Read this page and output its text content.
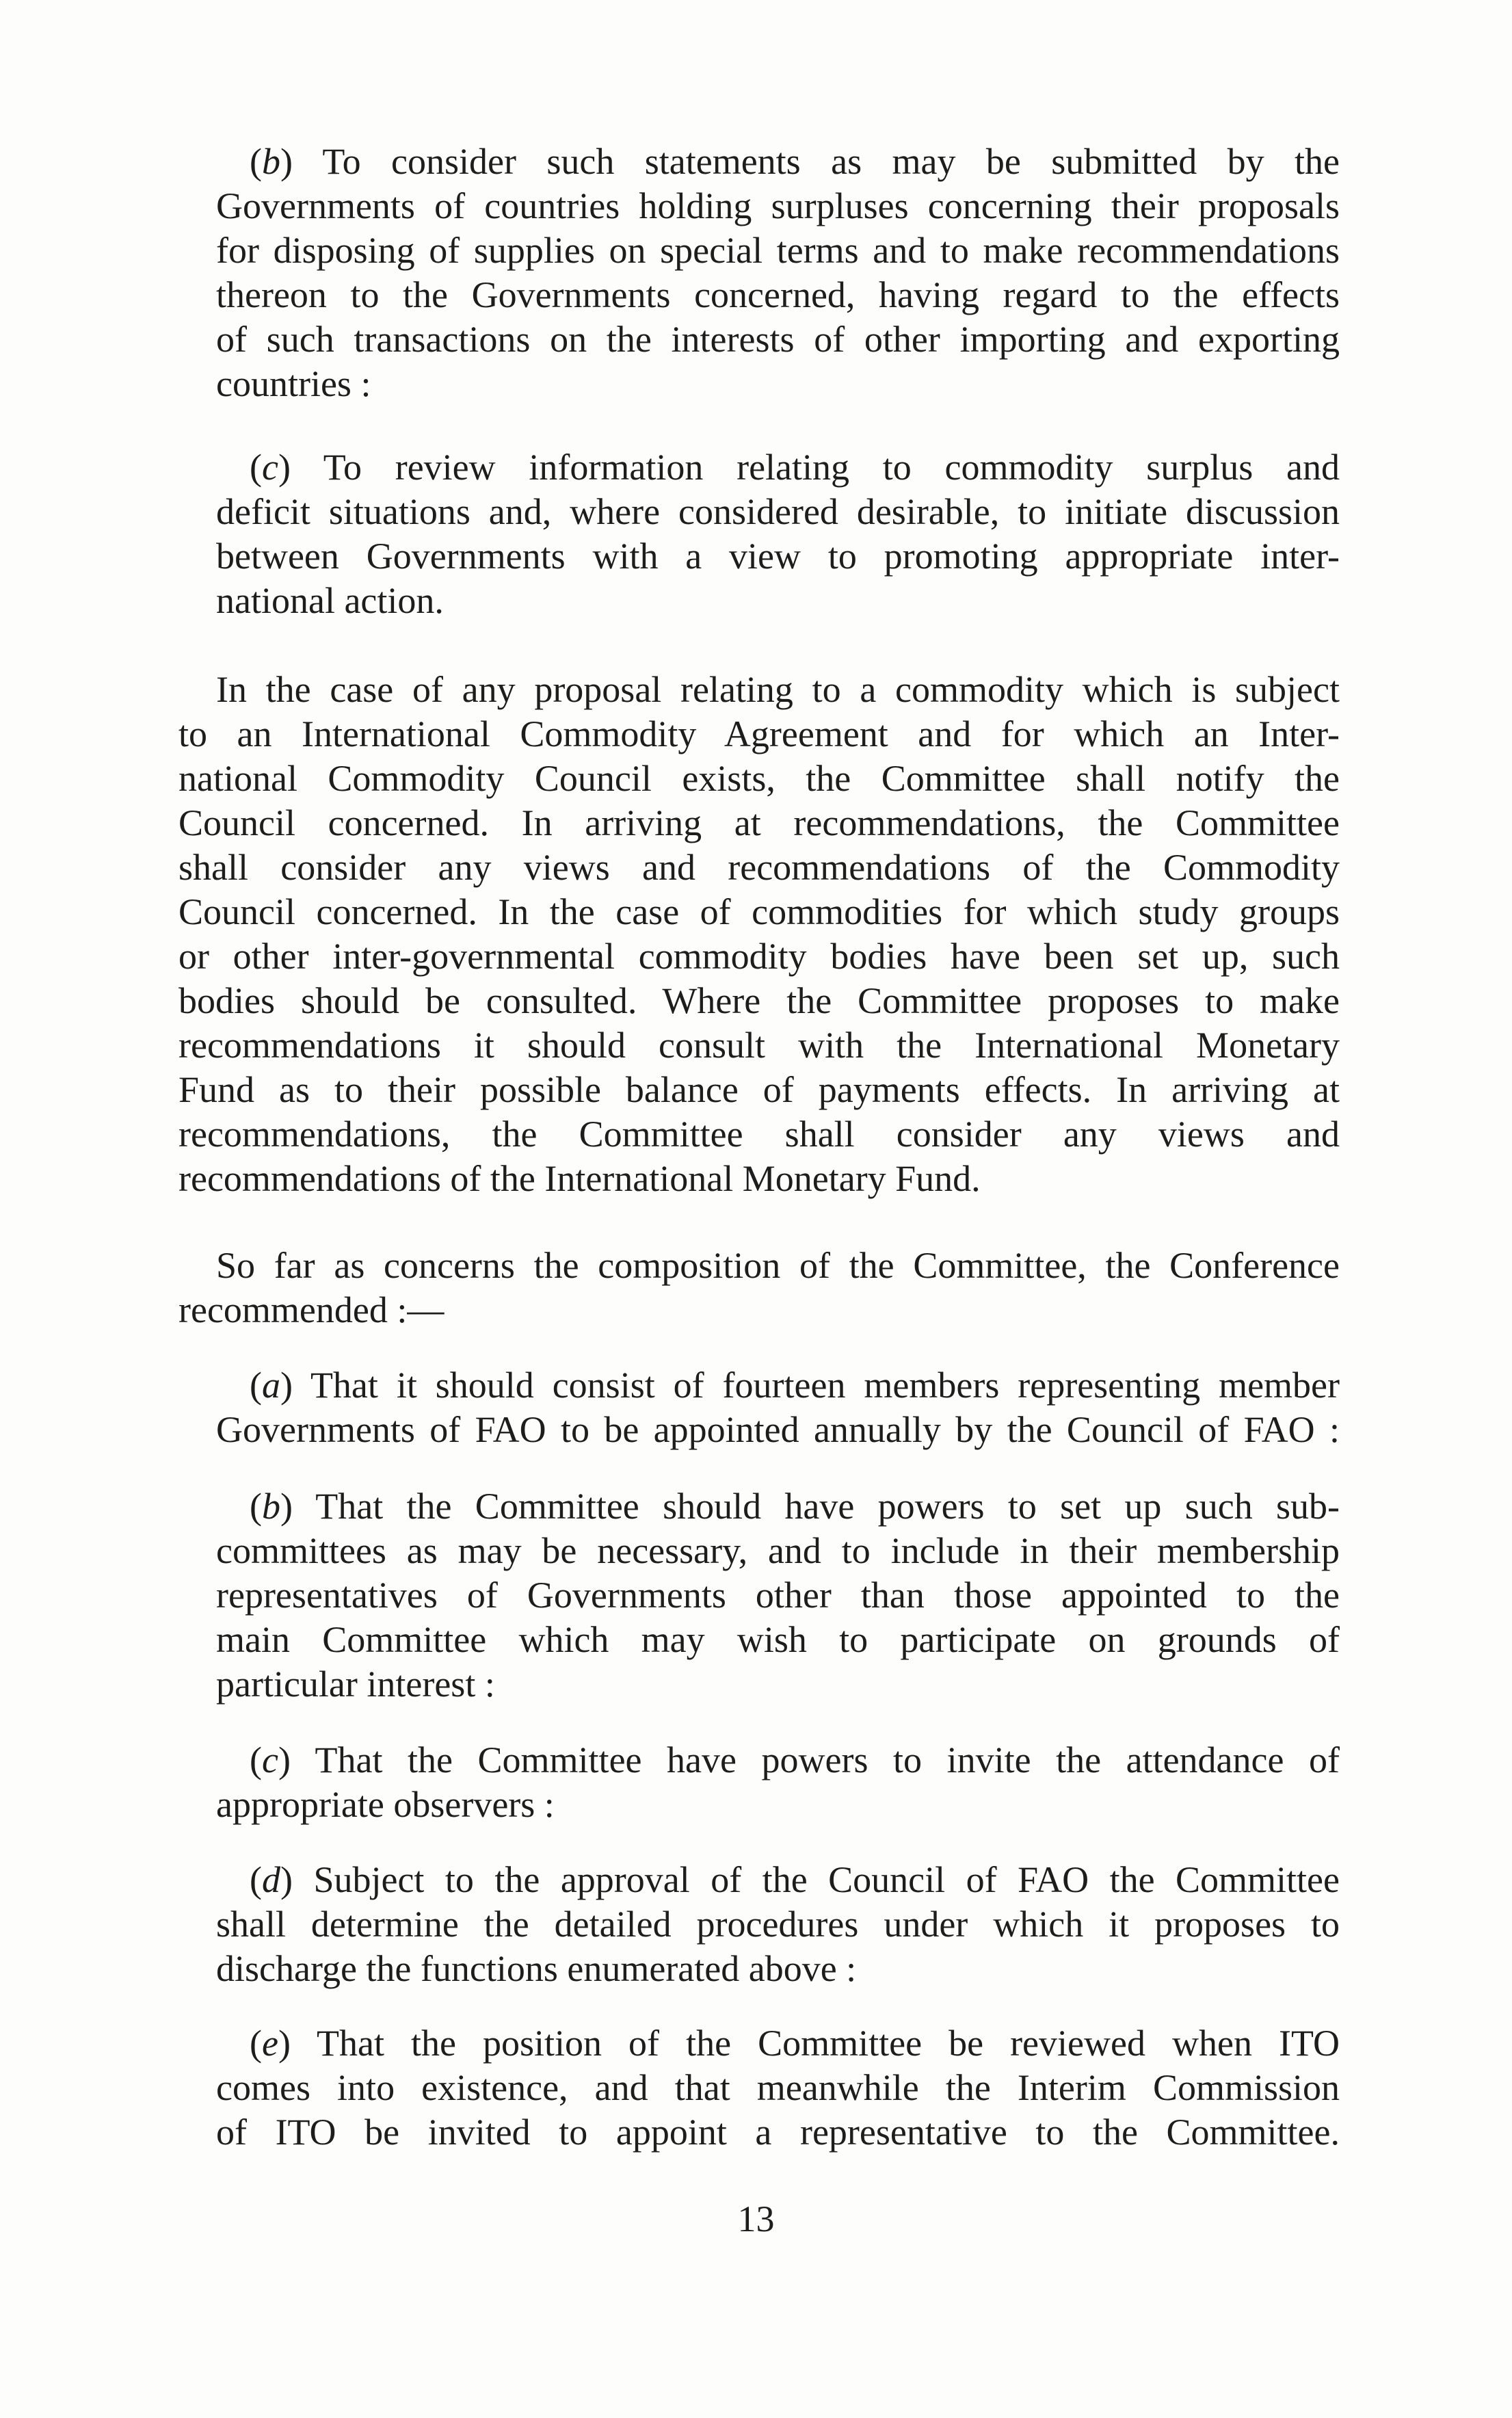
(b) To consider such statements as may be submitted by the
Governments of countries holding surpluses concerning their proposals
for disposing of supplies on special terms and to make recommendations
thereon to the Governments concerned, having regard to the effects
of such transactions on the interests of other importing and exporting
countries :
(c) To review information relating to commodity surplus and
deficit situations and, where considered desirable, to initiate discussion
between Governments with a view to promoting appropriate inter-
national action.
In the case of any proposal relating to a commodity which is subject
to an International Commodity Agreement and for which an Inter-
national Commodity Council exists, the Committee shall notify the
Council concerned. In arriving at recommendations, the Committee
shall consider any views and recommendations of the Commodity
Council concerned. In the case of commodities for which study groups
or other inter-governmental commodity bodies have been set up, such
bodies should be consulted. Where the Committee proposes to make
recommendations it should consult with the International Monetary
Fund as to their possible balance of payments effects. In arriving at
recommendations, the Committee shall consider any views and
recommendations of the International Monetary Fund.
So far as concerns the composition of the Committee, the Conference
recommended :—
(a) That it should consist of fourteen members representing member
Governments of FAO to be appointed annually by the Council of FAO :
(b) That the Committee should have powers to set up such sub-
committees as may be necessary, and to include in their membership
representatives of Governments other than those appointed to the
main Committee which may wish to participate on grounds of
particular interest :
(c) That the Committee have powers to invite the attendance of
appropriate observers :
(d) Subject to the approval of the Council of FAO the Committee
shall determine the detailed procedures under which it proposes to
discharge the functions enumerated above :
(e) That the position of the Committee be reviewed when ITO
comes into existence, and that meanwhile the Interim Commission
of ITO be invited to appoint a representative to the Committee.
13
